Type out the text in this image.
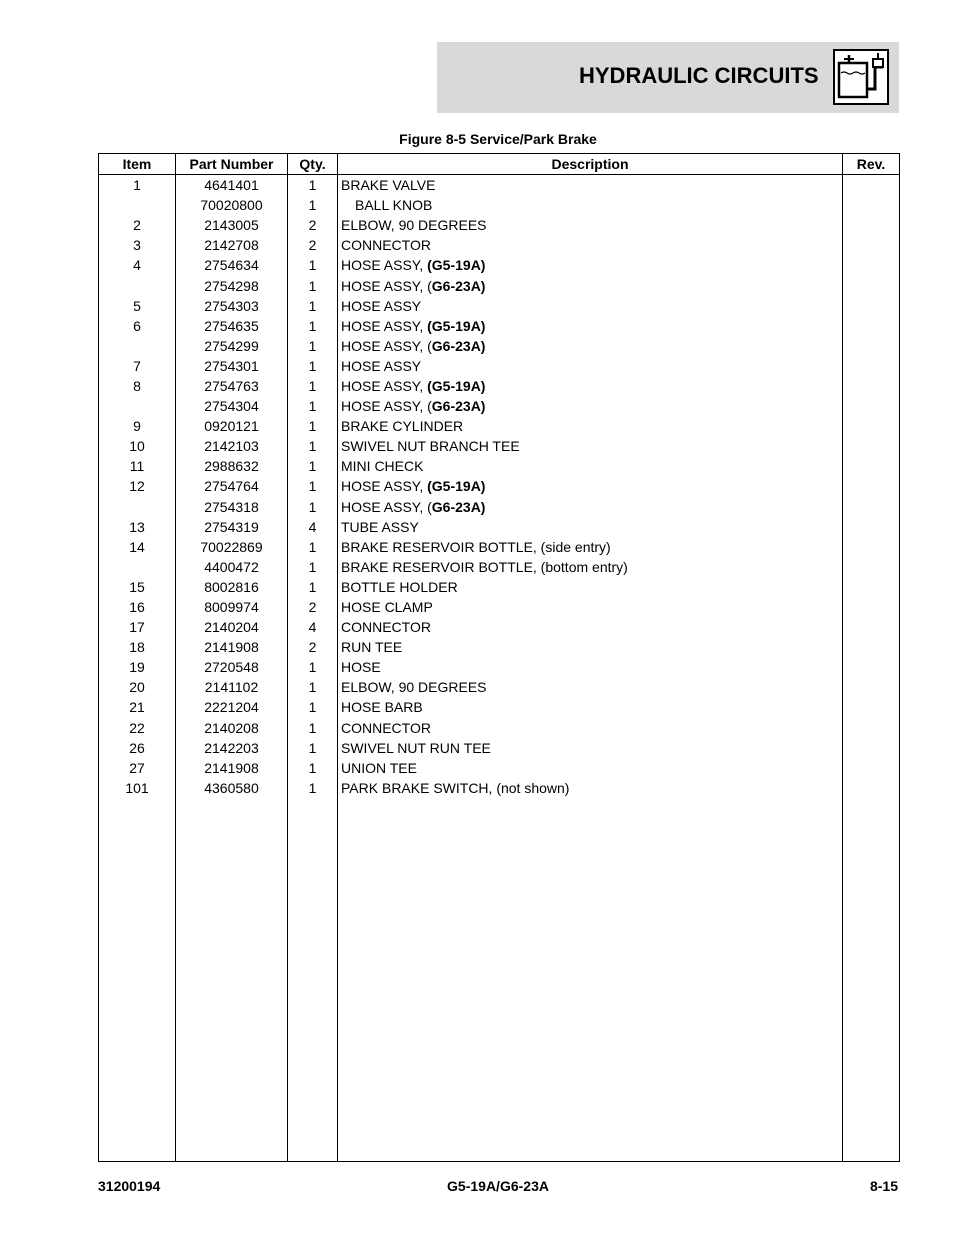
HYDRAULIC CIRCUITS
Figure 8-5 Service/Park Brake
Item	Part Number	Qty.	Description	Rev.
1	4641401	1	BRAKE VALVE	
	70020800	1	BALL KNOB	
2	2143005	2	ELBOW, 90 DEGREES	
3	2142708	2	CONNECTOR	
4	2754634	1	HOSE ASSY, (G5-19A)	
	2754298	1	HOSE ASSY, (G6-23A)	
5	2754303	1	HOSE ASSY	
6	2754635	1	HOSE ASSY, (G5-19A)	
	2754299	1	HOSE ASSY, (G6-23A)	
7	2754301	1	HOSE ASSY	
8	2754763	1	HOSE ASSY, (G5-19A)	
	2754304	1	HOSE ASSY, (G6-23A)	
9	0920121	1	BRAKE CYLINDER	
10	2142103	1	SWIVEL NUT BRANCH TEE	
11	2988632	1	MINI CHECK	
12	2754764	1	HOSE ASSY, (G5-19A)	
	2754318	1	HOSE ASSY, (G6-23A)	
13	2754319	4	TUBE ASSY	
14	70022869	1	BRAKE RESERVOIR BOTTLE, (side entry)	
	4400472	1	BRAKE RESERVOIR BOTTLE, (bottom entry)	
15	8002816	1	BOTTLE HOLDER	
16	8009974	2	HOSE CLAMP	
17	2140204	4	CONNECTOR	
18	2141908	2	RUN TEE	
19	2720548	1	HOSE	
20	2141102	1	ELBOW, 90 DEGREES	
21	2221204	1	HOSE BARB	
22	2140208	1	CONNECTOR	
26	2142203	1	SWIVEL NUT RUN TEE	
27	2141908	1	UNION TEE	
101	4360580	1	PARK BRAKE SWITCH, (not shown)	

31200194	G5-19A/G6-23A	8-15
